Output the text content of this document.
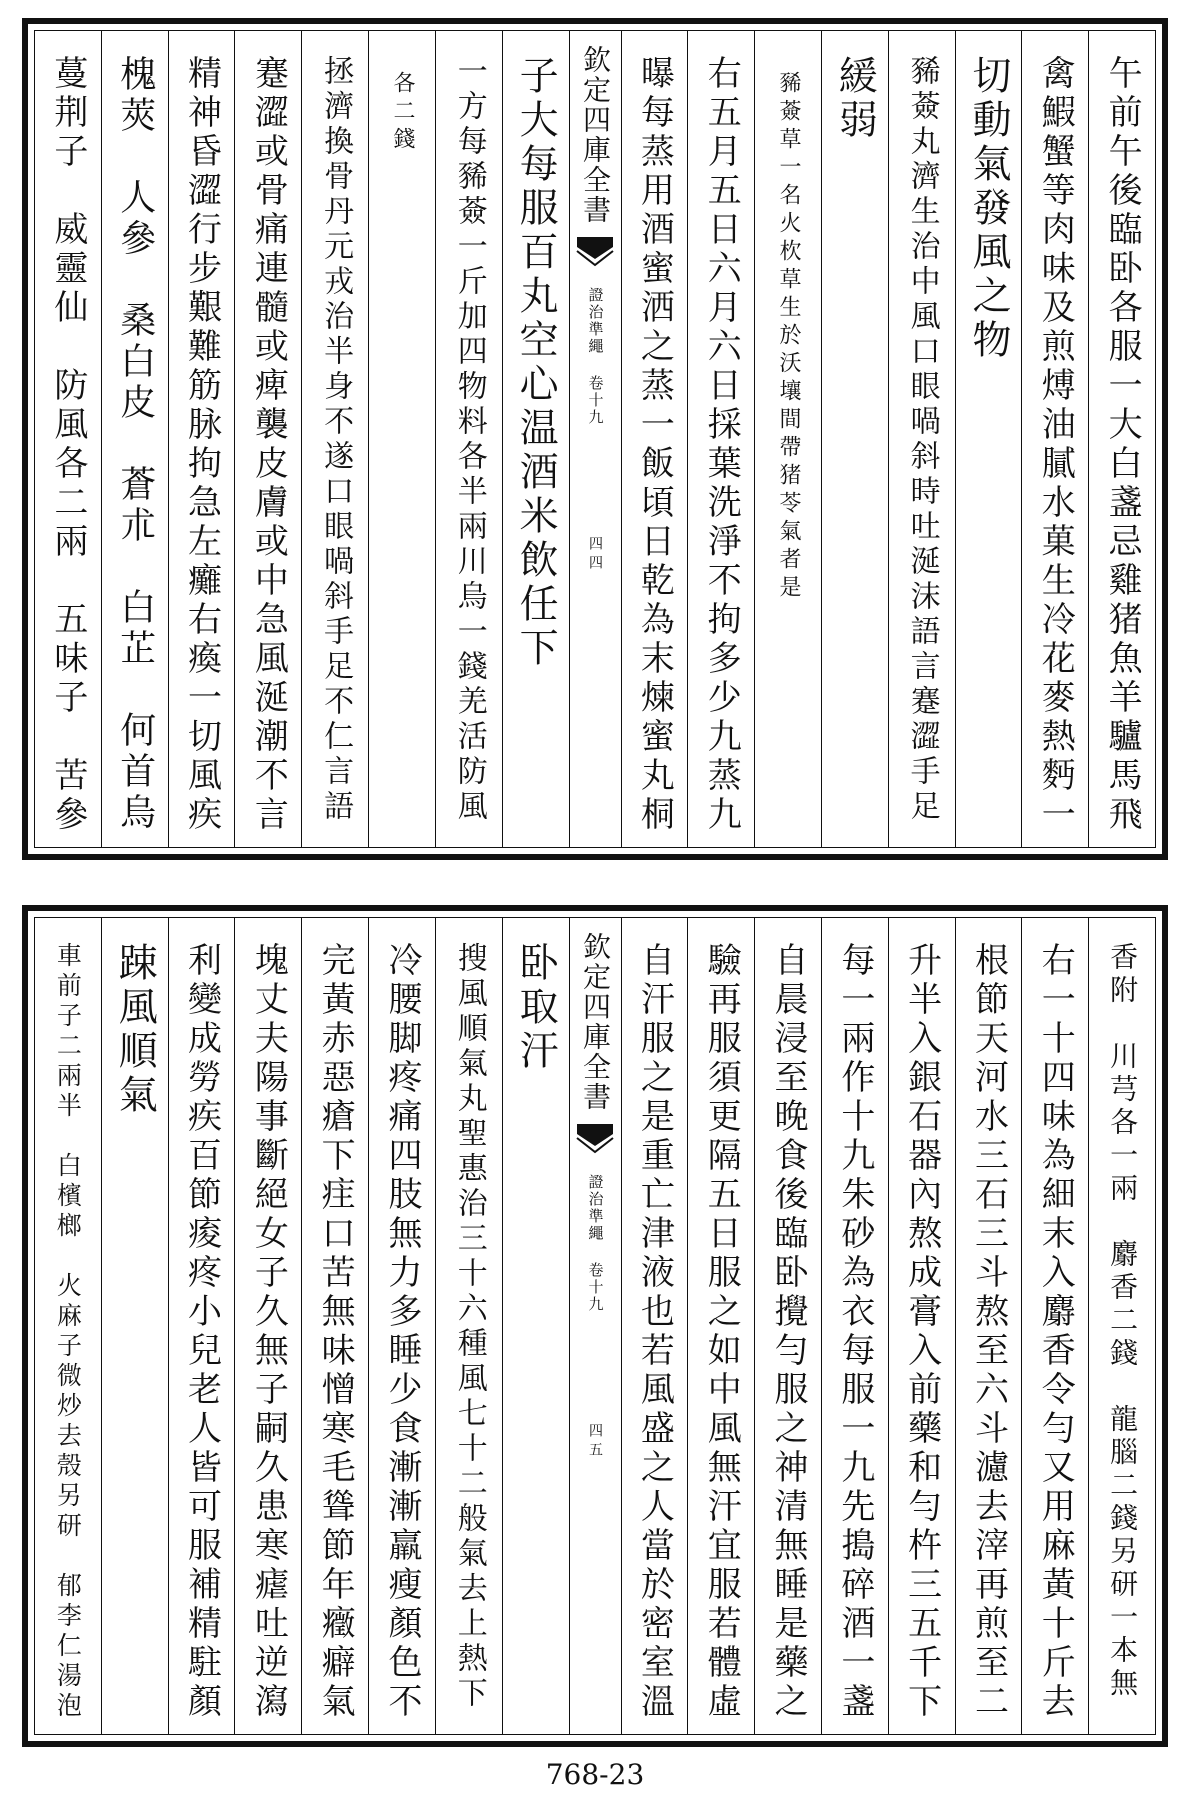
午前午後臨卧各服一大白盞忌雞猪魚羊驢馬飛
禽鰕蟹等肉味及煎煿油膩水菓生冷花麥熱麪一
切動氣發風之物
豨薟丸濟生治中風口眼喎斜時吐涎沫語言蹇澀手足
緩弱
豨薟草一名火杴草生於沃壤間帶猪苓氣者是
右五月五日六月六日採葉洗淨不拘多少九蒸九
曝每蒸用酒蜜洒之蒸一飯頃日乾為末煉蜜丸桐
欽定四庫全書
證治準繩 卷十九
四四
子大每服百丸空心温酒米飲任下
一方每豨薟一斤加四物料各半兩川烏一錢羌活防風
各二錢
拯濟換骨丹元戎治半身不遂口眼喎斜手足不仁言語
蹇澀或骨痛連髓或痺襲皮膚或中急風涎潮不言
精神昏澀行步艱難筋脉拘急左癱右瘓一切風疾
槐莢　人參　桑白皮　蒼朮　白芷　何首烏
蔓荆子　威靈仙　防風各二兩　五味子　苦參
香附　川芎各一兩　麝香二錢　龍腦二錢另研一本無
右一十四味為細末入麝香令勻又用麻黃十斤去
根節天河水三石三斗熬至六斗濾去滓再煎至二
升半入銀石器內熬成膏入前藥和勻杵三五千下
每一兩作十九朱砂為衣每服一九先搗碎酒一盞
自晨浸至晚食後臨卧攪勻服之神清無睡是藥之
驗再服須更隔五日服之如中風無汗宜服若體虛
自汗服之是重亡津液也若風盛之人當於密室溫
欽定四庫全書
證治準繩 卷十九
四五
卧取汗
搜風順氣丸聖惠治三十六種風七十二般氣去上熱下
冷腰脚疼痛四肢無力多睡少食漸漸羸瘦顏色不
完黃赤惡瘡下疰口苦無味憎寒毛聳節年癥癖氣
塊丈夫陽事斷絕女子久無子嗣久患寒瘧吐逆瀉
利變成勞疾百節痠疼小兒老人皆可服補精駐顏
踈風順氣
車前子二兩半　白檳榔　火麻子微炒去殼另研　郁李仁湯泡
768-23
